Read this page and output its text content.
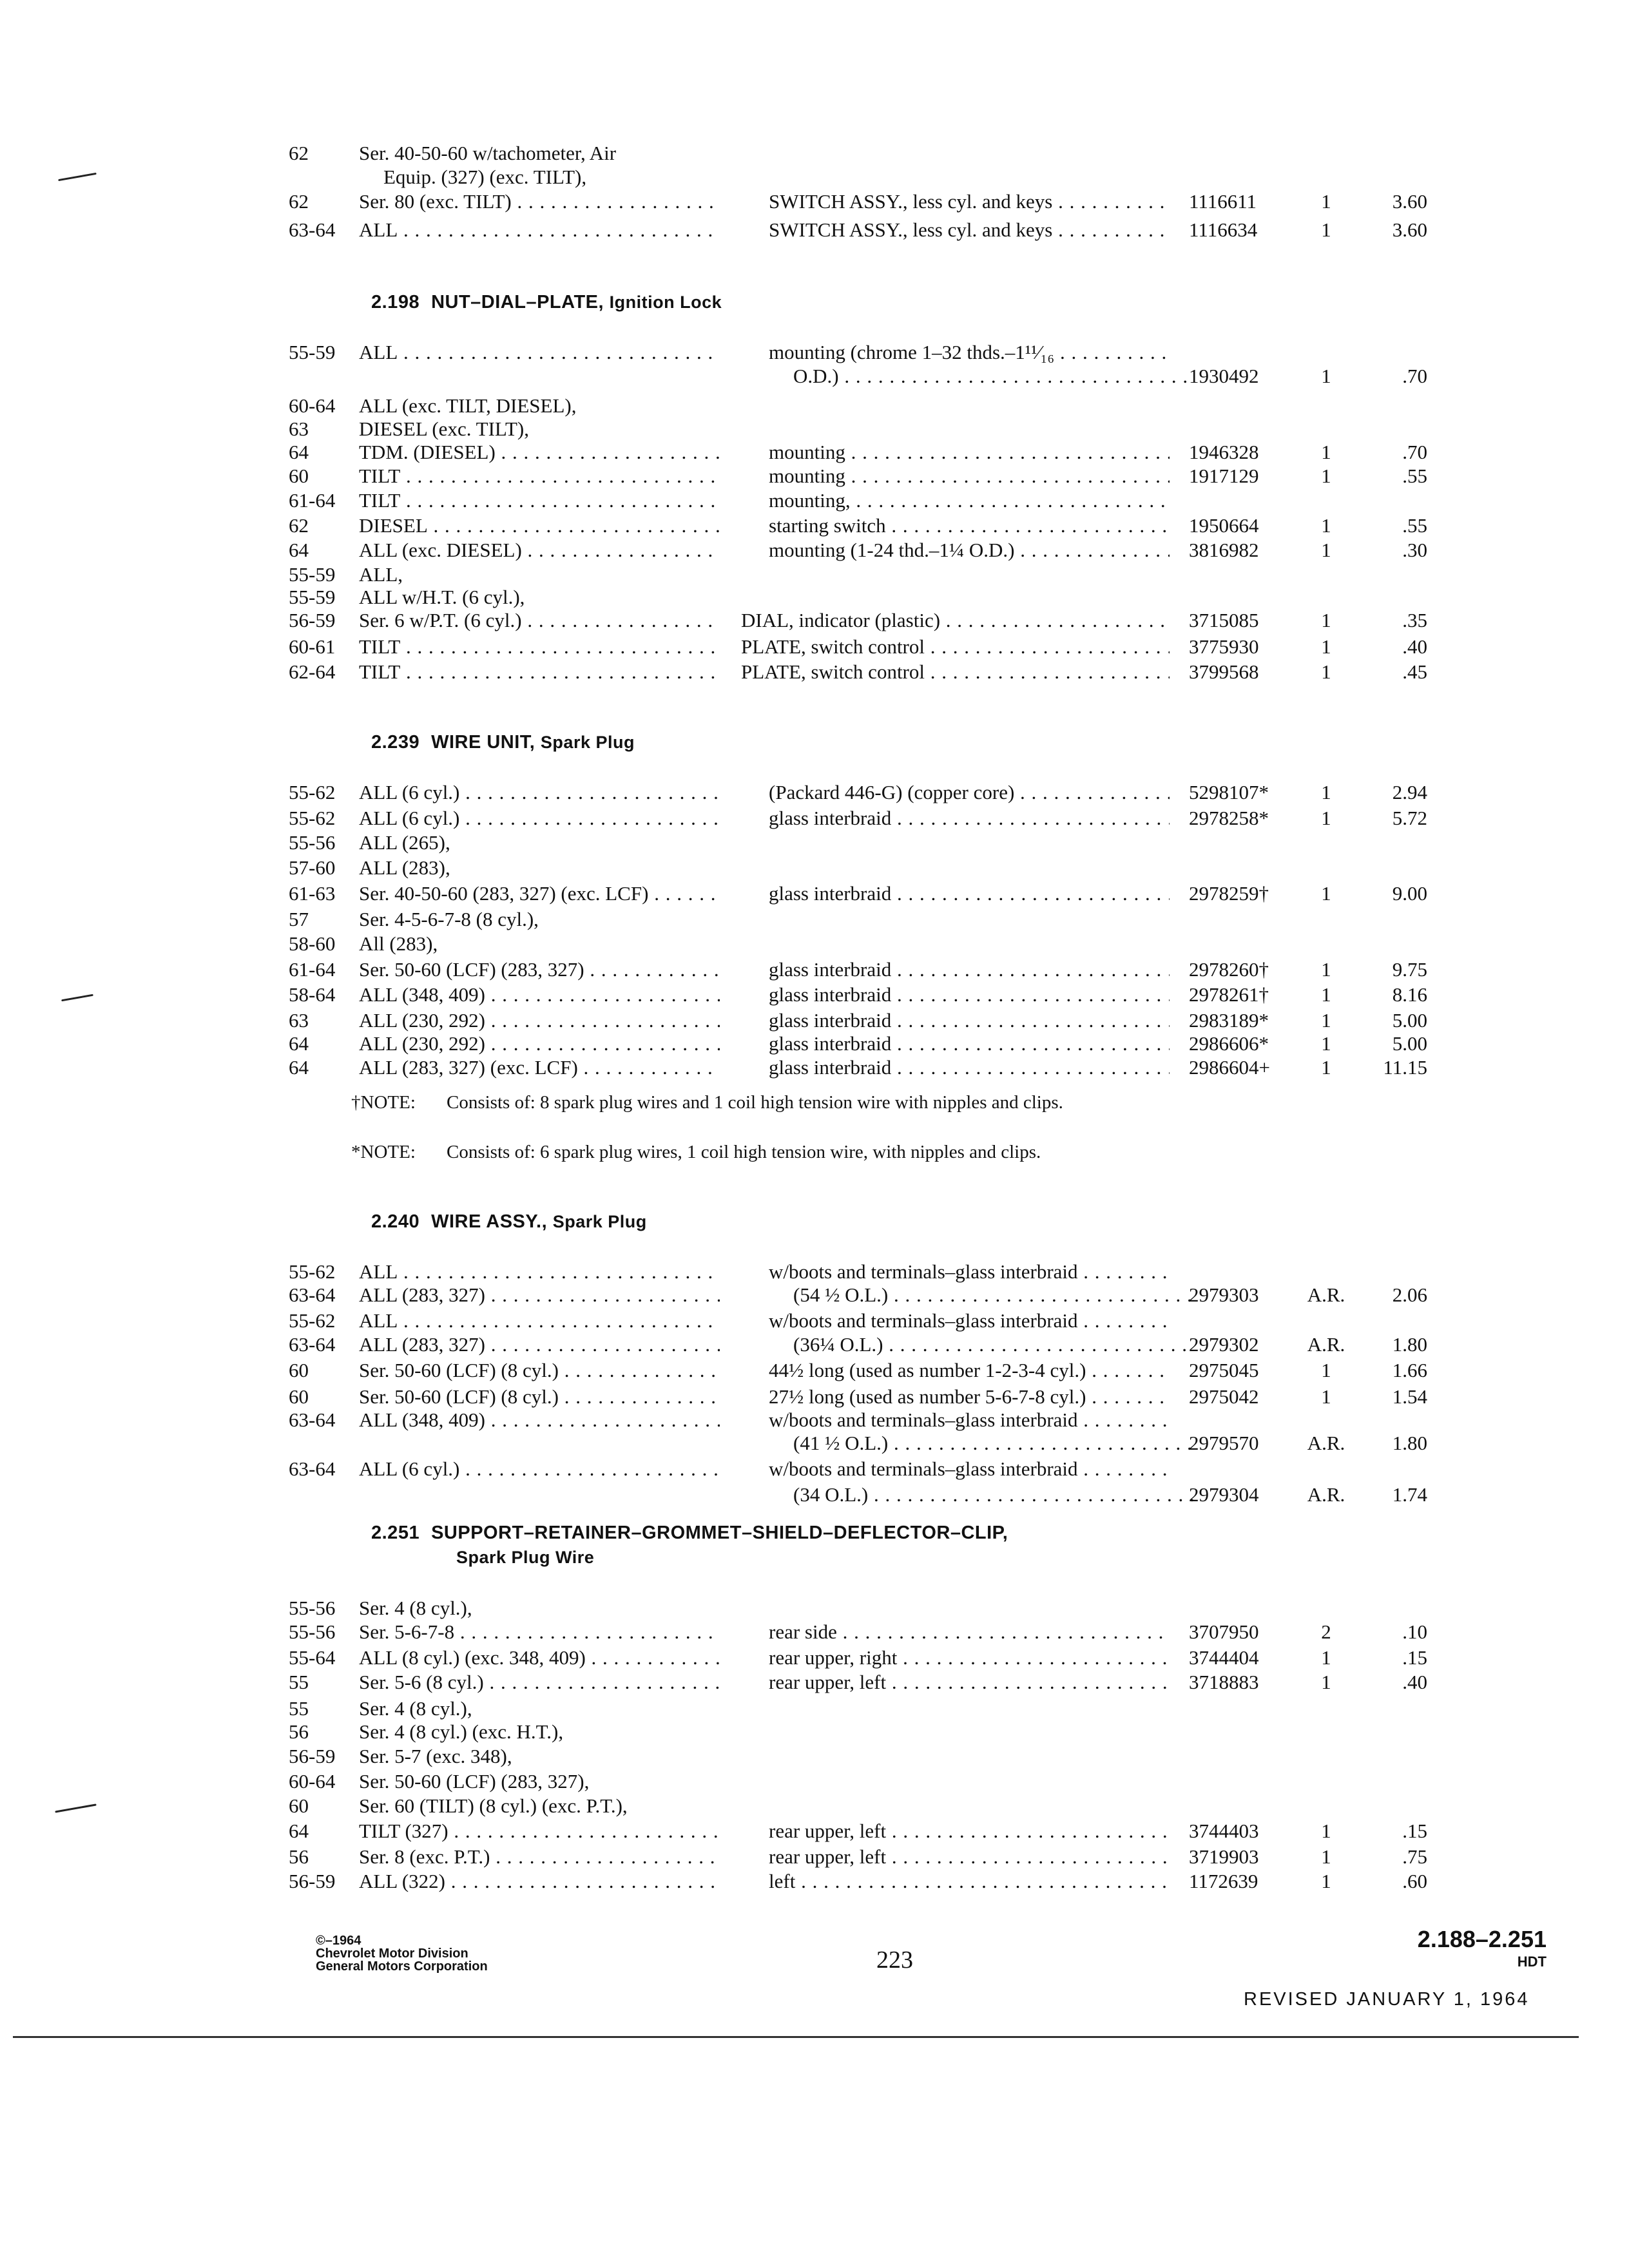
62	Ser. 40-50-60 w/tachometer, Air
Equip. (327) (exc. TILT),
62	Ser. 80 (exc. TILT) . . .	SWITCH ASSY., less cyl. and keys . . .	1116611	1	3.60
63-64 ALL . . .	SWITCH ASSY., less cyl. and keys . . .	1116634	1	3.60
2.198 NUT–DIAL–PLATE, Ignition Lock
55-59 ALL . . .	mounting (chrome 1–32 thds.–1¹¹⁄₁₆ . . .
O.D.) . . .	1930492	1	.70
60-64 ALL (exc. TILT, DIESEL),
63	DIESEL (exc. TILT),
64	TDM. (DIESEL) . . .	mounting . . .	1946328	1	.70
60	TILT . . .	mounting . . .	1917129	1	.55
61-64 TILT . . .	mounting, . . .
62	DIESEL . . .	starting switch . . .	1950664	1	.55
64	ALL (exc. DIESEL) . . .	mounting (1-24 thd.–1¼ O.D.) . . .	3816982	1	.30
55-59 ALL,
55-59 ALL w/H.T. (6 cyl.),
56-59 Ser. 6 w/P.T. (6 cyl.) . . .	DIAL, indicator (plastic) . . .	3715085	1	.35
60-61 TILT . . .	PLATE, switch control . . .	3775930	1	.40
62-64 TILT . . .	PLATE, switch control . . .	3799568	1	.45
2.239 WIRE UNIT, Spark Plug
55-62 ALL (6 cyl.) . . .	(Packard 446-G) (copper core) . . .	5298107*	1	2.94
55-62 ALL (6 cyl.) . . .	glass interbraid . . .	2978258*	1	5.72
55-56 ALL (265),
57-60 ALL (283),
61-63 Ser. 40-50-60 (283, 327) (exc. LCF) . . .	glass interbraid . . .	2978259†	1	9.00
57	Ser. 4-5-6-7-8 (8 cyl.),
58-60 All (283),
61-64 Ser. 50-60 (LCF) (283, 327) . . .	glass interbraid . . .	2978260†	1	9.75
58-64 ALL (348, 409) . . .	glass interbraid . . .	2978261†	1	8.16
63	ALL (230, 292) . . .	glass interbraid . . .	2983189*	1	5.00
64	ALL (230, 292) . . .	glass interbraid . . .	2986606*	1	5.00
64	ALL (283, 327) (exc. LCF) . . .	glass interbraid . . .	2986604+	1	11.15
†NOTE: Consists of: 8 spark plug wires and 1 coil high tension wire with nipples and clips.
*NOTE: Consists of: 6 spark plug wires, 1 coil high tension wire, with nipples and clips.
2.240 WIRE ASSY., Spark Plug
55-62 ALL . . .	w/boots and terminals–glass interbraid . . .
63-64 ALL (283, 327) . . .	(54 ½ O.L.) . . .	2979303	A.R.	2.06
55-62 ALL . . .	w/boots and terminals–glass interbraid . . .
63-64 ALL (283, 327) . . .	(36¼ O.L.) . . .	2979302	A.R.	1.80
60	Ser. 50-60 (LCF) (8 cyl.) . . .	44½ long (used as number 1-2-3-4 cyl.) . . .	2975045	1	1.66
60	Ser. 50-60 (LCF) (8 cyl.) . . .	27½ long (used as number 5-6-7-8 cyl.) . . .	2975042	1	1.54
63-64 ALL (348, 409) . . .	w/boots and terminals–glass interbraid . . .
(41 ½ O.L.) . . .	2979570	A.R.	1.80
63-64 ALL (6 cyl.) . . .	w/boots and terminals–glass interbraid . . .
(34 O.L.) . . .	2979304	A.R.	1.74
2.251 SUPPORT–RETAINER–GROMMET–SHIELD–DEFLECTOR–CLIP,
Spark Plug Wire
55-56 Ser. 4 (8 cyl.),
55-56 Ser. 5-6-7-8 . . .	rear side . . .	3707950	2	.10
55-64 ALL (8 cyl.) (exc. 348, 409) . . .	rear upper, right . . .	3744404	1	.15
55	Ser. 5-6 (8 cyl.) . . .	rear upper, left . . .	3718883	1	.40
55	Ser. 4 (8 cyl.),
56	Ser. 4 (8 cyl.) (exc. H.T.),
56-59 Ser. 5-7 (exc. 348),
60-64 Ser. 50-60 (LCF) (283, 327),
60	Ser. 60 (TILT) (8 cyl.) (exc. P.T.),
64	TILT (327) . . .	rear upper, left . . .	3744403	1	.15
56	Ser. 8 (exc. P.T.) . . .	rear upper, left . . .	3719903	1	.75
56-59 ALL (322) . . .	left . . .	1172639	1	.60
©–1964
Chevrolet Motor Division
General Motors Corporation	223
2.188–2.251
HDT
REVISED JANUARY 1, 1964
